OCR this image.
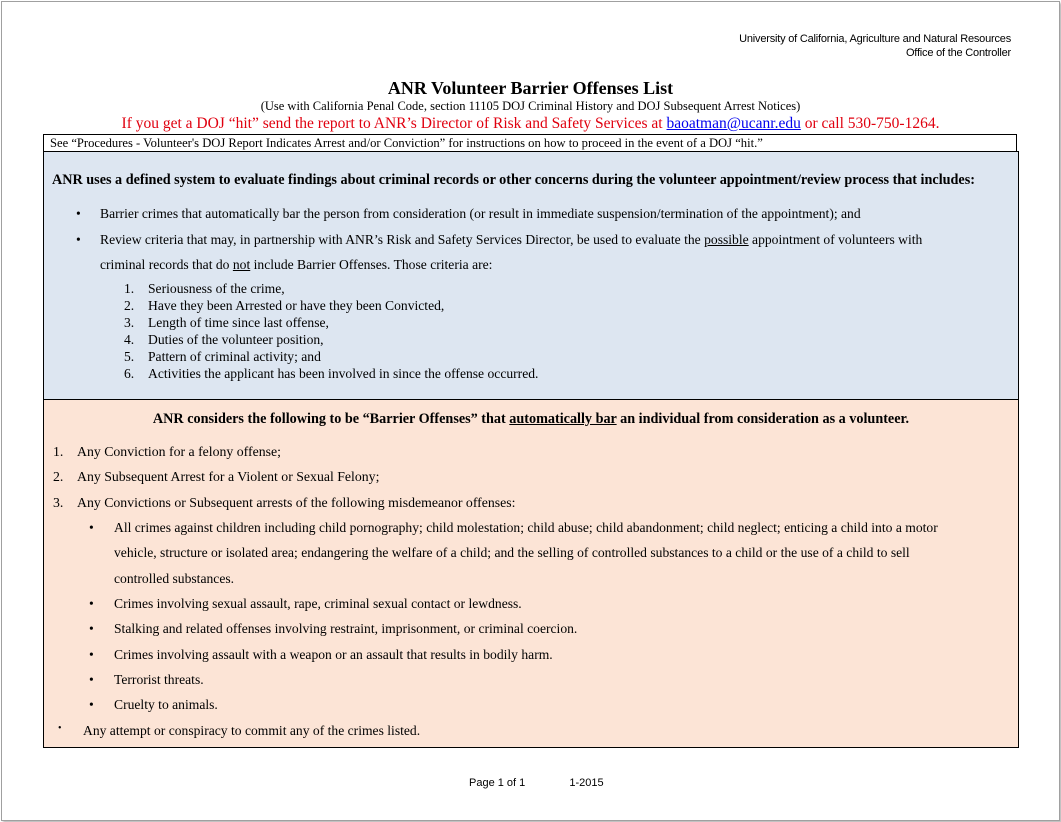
University of California, Agriculture and Natural Resources
Office of the Controller
ANR Volunteer Barrier Offenses List
(Use with California Penal Code, section 11105 DOJ Criminal History and DOJ Subsequent Arrest Notices)
If you get a DOJ “hit” send the report to ANR’s Director of Risk and Safety Services at baoatman@ucanr.edu or call 530-750-1264.
See “Procedures - Volunteer's DOJ Report Indicates Arrest and/or Conviction” for instructions on how to proceed in the event of a DOJ “hit.”
ANR uses a defined system to evaluate findings about criminal records or other concerns during the volunteer appointment/review process that includes:
• Barrier crimes that automatically bar the person from consideration (or result in immediate suspension/termination of the appointment); and
• Review criteria that may, in partnership with ANR’s Risk and Safety Services Director, be used to evaluate the possible appointment of volunteers with
criminal records that do not include Barrier Offenses. Those criteria are:
1. Seriousness of the crime,
2. Have they been Arrested or have they been Convicted,
3. Length of time since last offense,
4. Duties of the volunteer position,
5. Pattern of criminal activity; and
6. Activities the applicant has been involved in since the offense occurred.
ANR considers the following to be “Barrier Offenses” that automatically bar an individual from consideration as a volunteer.
1. Any Conviction for a felony offense;
2. Any Subsequent Arrest for a Violent or Sexual Felony;
3. Any Convictions or Subsequent arrests of the following misdemeanor offenses:
• All crimes against children including child pornography; child molestation; child abuse; child abandonment; child neglect; enticing a child into a motor
vehicle, structure or isolated area; endangering the welfare of a child; and the selling of controlled substances to a child or the use of a child to sell
controlled substances.
• Crimes involving sexual assault, rape, criminal sexual contact or lewdness.
• Stalking and related offenses involving restraint, imprisonment, or criminal coercion.
• Crimes involving assault with a weapon or an assault that results in bodily harm.
• Terrorist threats.
• Cruelty to animals.
• Any attempt or conspiracy to commit any of the crimes listed.
Page 1 of 1	1-2015
